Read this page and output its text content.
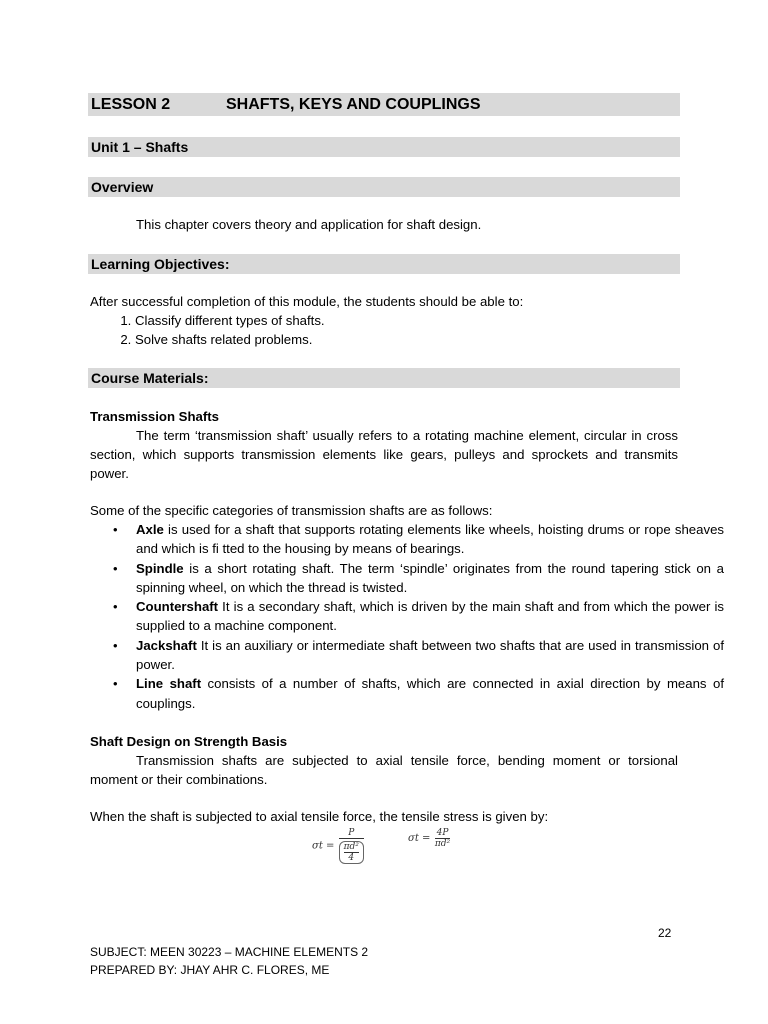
LESSON 2	SHAFTS, KEYS AND COUPLINGS
Unit 1 – Shafts
Overview
This chapter covers theory and application for shaft design.
Learning Objectives:
After successful completion of this module, the students should be able to:
1. Classify different types of shafts.
2. Solve shafts related problems.
Course Materials:
Transmission Shafts
The term ‘transmission shaft’ usually refers to a rotating machine element, circular in cross section, which supports transmission elements like gears, pulleys and sprockets and transmits power.
Some of the specific categories of transmission shafts are as follows:
• Axle is used for a shaft that supports rotating elements like wheels, hoisting drums or rope sheaves and which is fi tted to the housing by means of bearings.
• Spindle is a short rotating shaft. The term ‘spindle’ originates from the round tapering stick on a spinning wheel, on which the thread is twisted.
• Countershaft It is a secondary shaft, which is driven by the main shaft and from which the power is supplied to a machine component.
• Jackshaft It is an auxiliary or intermediate shaft between two shafts that are used in transmission of power.
• Line shaft consists of a number of shafts, which are connected in axial direction by means of couplings.
Shaft Design on Strength Basis
Transmission shafts are subjected to axial tensile force, bending moment or torsional moment or their combinations.
When the shaft is subjected to axial tensile force, the tensile stress is given by:
σt = P
πd²
4	$\sigma t = \frac{4P}{\text{πd²}}$
22
SUBJECT: MEEN 30223 – MACHINE ELEMENTS 2
PREPARED BY: JHAY AHR C. FLORES, ME
